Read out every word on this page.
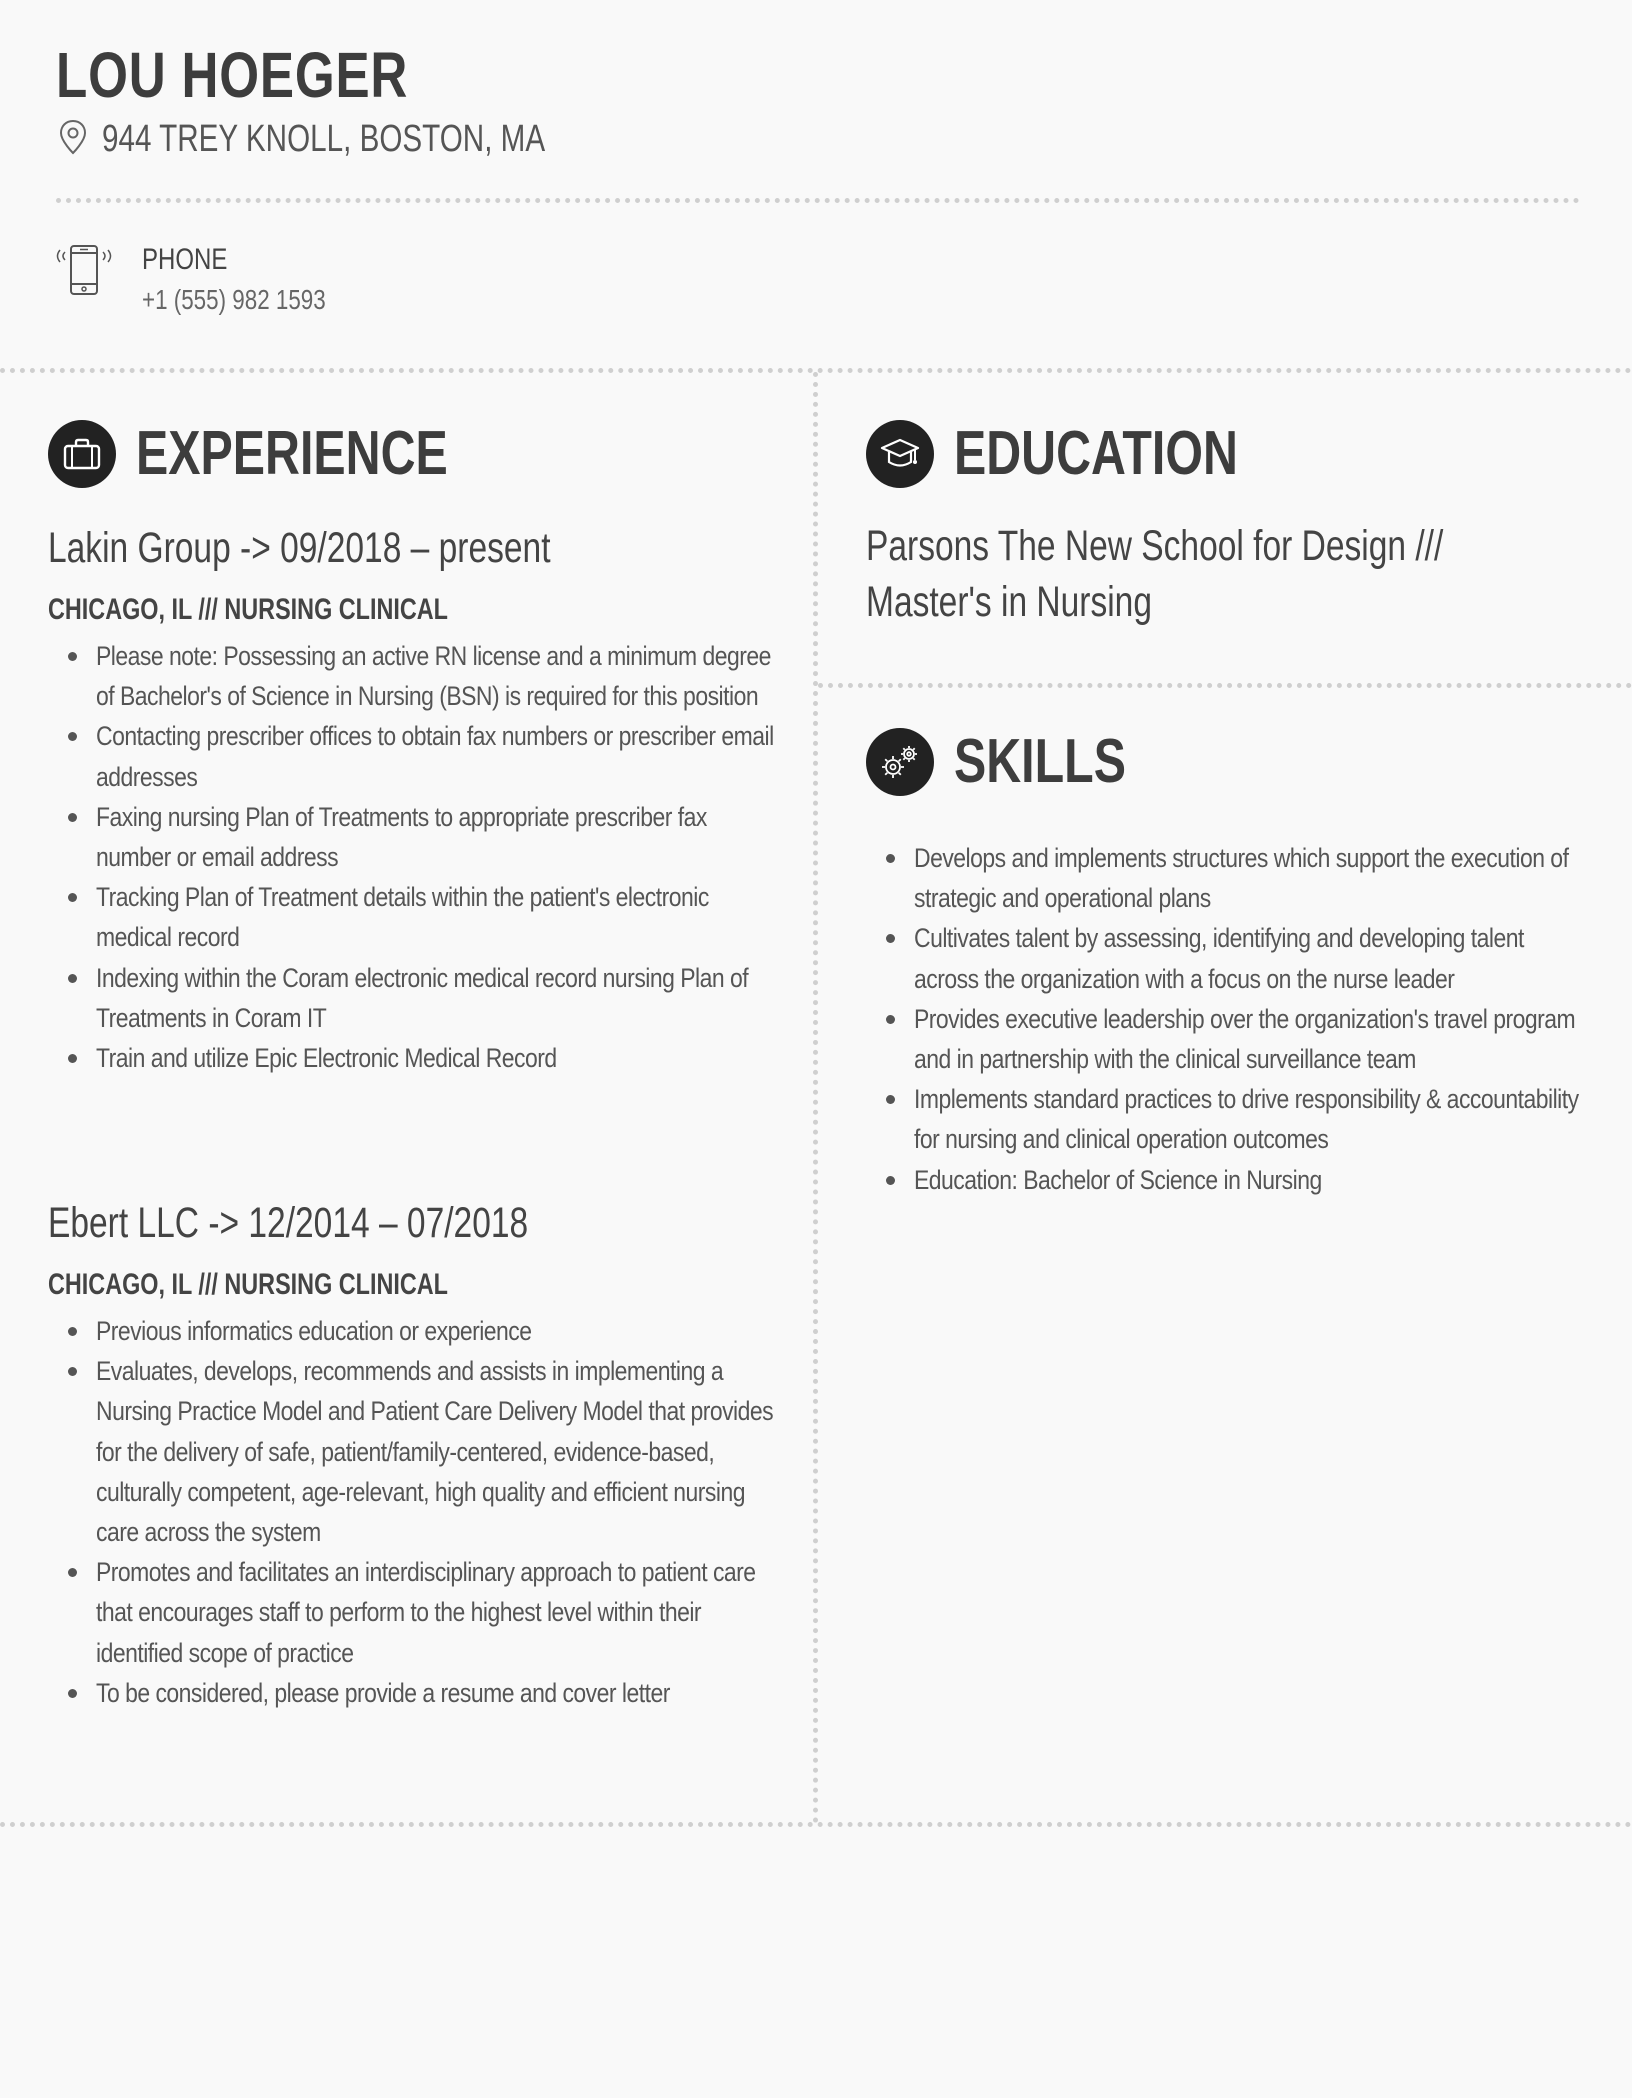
LOU HOEGER
944 TREY KNOLL, BOSTON, MA
PHONE
+1 (555) 982 1593
EXPERIENCE
Lakin Group -> 09/2018 – present
CHICAGO, IL /// NURSING CLINICAL
Please note: Possessing an active RN license and a minimum degree of Bachelor's of Science in Nursing (BSN) is required for this position
Contacting prescriber offices to obtain fax numbers or prescriber email addresses
Faxing nursing Plan of Treatments to appropriate prescriber fax number or email address
Tracking Plan of Treatment details within the patient's electronic medical record
Indexing within the Coram electronic medical record nursing Plan of Treatments in Coram IT
Train and utilize Epic Electronic Medical Record
Ebert LLC -> 12/2014 – 07/2018
CHICAGO, IL /// NURSING CLINICAL
Previous informatics education or experience
Evaluates, develops, recommends and assists in implementing a Nursing Practice Model and Patient Care Delivery Model that provides for the delivery of safe, patient/family-centered, evidence-based, culturally competent, age-relevant, high quality and efficient nursing care across the system
Promotes and facilitates an interdisciplinary approach to patient care that encourages staff to perform to the highest level within their identified scope of practice
To be considered, please provide a resume and cover letter
EDUCATION
Parsons The New School for Design ///
Master's in Nursing
SKILLS
Develops and implements structures which support the execution of strategic and operational plans
Cultivates talent by assessing, identifying and developing talent across the organization with a focus on the nurse leader
Provides executive leadership over the organization's travel program and in partnership with the clinical surveillance team
Implements standard practices to drive responsibility & accountability for nursing and clinical operation outcomes
Education: Bachelor of Science in Nursing
